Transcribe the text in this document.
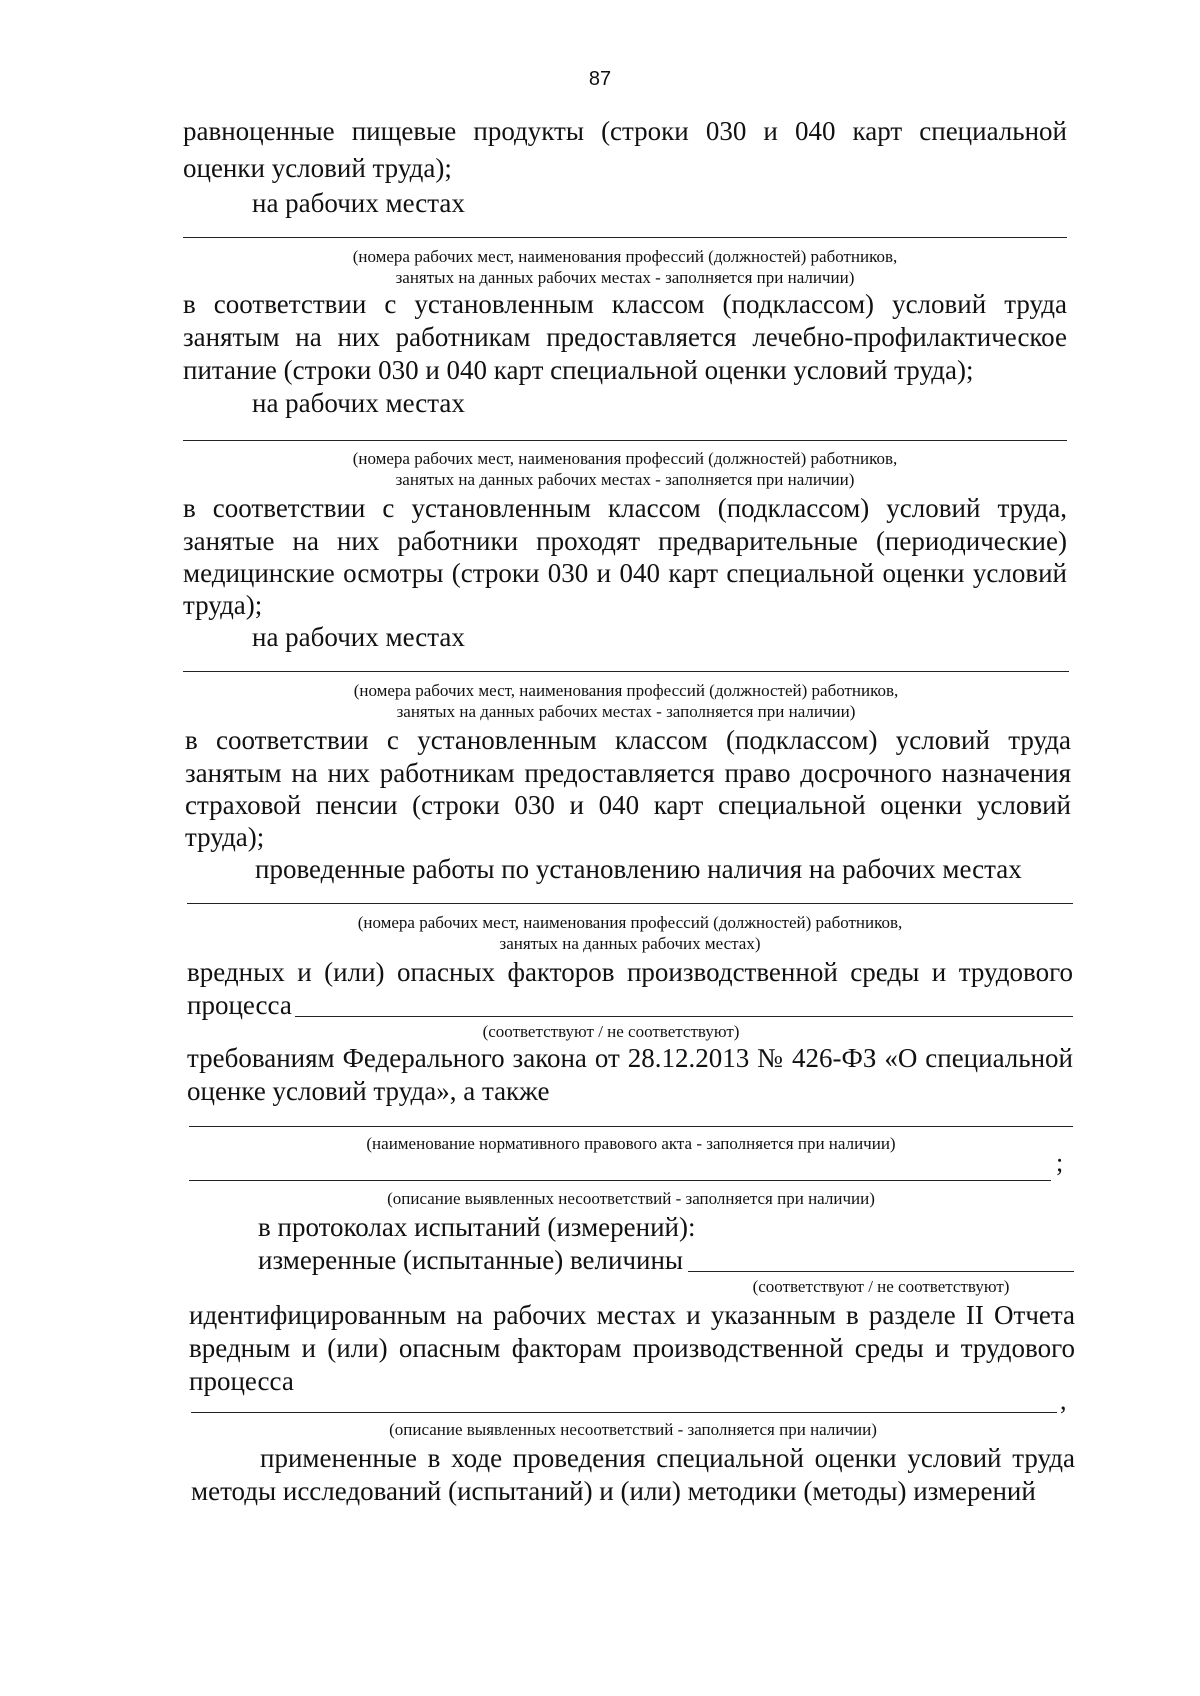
87
равноценные пищевые продукты (строки 030 и 040 карт специальной
оценки условий труда);
на рабочих местах
(номера рабочих мест, наименования профессий (должностей) работников,
занятых на данных рабочих местах - заполняется при наличии)
в соответствии с установленным классом (подклассом) условий труда
занятым на них работникам предоставляется лечебно-профилактическое
питание (строки 030 и 040 карт специальной оценки условий труда);
на рабочих местах
(номера рабочих мест, наименования профессий (должностей) работников,
занятых на данных рабочих местах - заполняется при наличии)
в соответствии с установленным классом (подклассом) условий труда,
занятые на них работники проходят предварительные (периодические)
медицинские осмотры (строки 030 и 040 карт специальной оценки условий
труда);
на рабочих местах
(номера рабочих мест, наименования профессий (должностей) работников,
занятых на данных рабочих местах - заполняется при наличии)
в соответствии с установленным классом (подклассом) условий труда
занятым на них работникам предоставляется право досрочного назначения
страховой пенсии (строки 030 и 040 карт специальной оценки условий
труда);
проведенные работы по установлению наличия на рабочих местах
(номера рабочих мест, наименования профессий (должностей) работников,
занятых на данных рабочих местах)
вредных и (или) опасных факторов производственной среды и трудового
процесса
(соответствуют / не соответствуют)
требованиям Федерального закона от 28.12.2013 № 426-ФЗ «О специальной
оценке условий труда», а также
(наименование нормативного правового акта - заполняется при наличии)
;
(описание выявленных несоответствий - заполняется при наличии)
в протоколах испытаний (измерений):
измеренные (испытанные) величины
(соответствуют / не соответствуют)
идентифицированным на рабочих местах и указанным в разделе II Отчета
вредным и (или) опасным факторам производственной среды и трудового
процесса
,
(описание выявленных несоответствий - заполняется при наличии)
примененные в ходе проведения специальной оценки условий труда
методы исследований (испытаний) и (или) методики (методы) измерений
